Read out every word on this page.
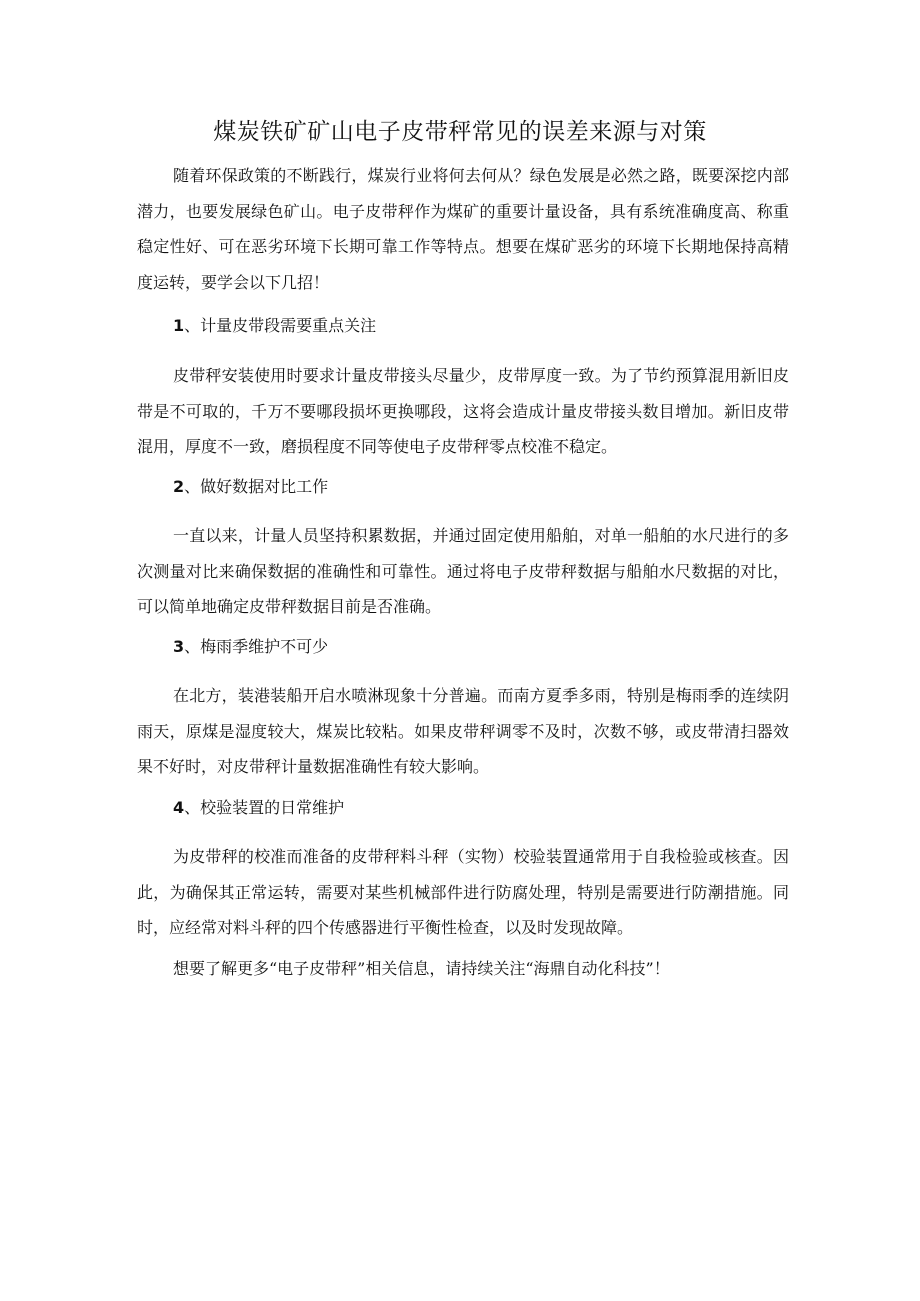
煤炭铁矿矿山电子皮带秤常见的误差来源与对策

随着环保政策的不断践行，煤炭行业将何去何从？绿色发展是必然之路，既要深挖内部潜力，也要发展绿色矿山。电子皮带秤作为煤矿的重要计量设备，具有系统准确度高、称重稳定性好、可在恶劣环境下长期可靠工作等特点。想要在煤矿恶劣的环境下长期地保持高精度运转，要学会以下几招！

1、计量皮带段需要重点关注

皮带秤安装使用时要求计量皮带接头尽量少，皮带厚度一致。为了节约预算混用新旧皮带是不可取的，千万不要哪段损坏更换哪段，这将会造成计量皮带接头数目增加。新旧皮带混用，厚度不一致，磨损程度不同等使电子皮带秤零点校准不稳定。

2、做好数据对比工作

一直以来，计量人员坚持积累数据，并通过固定使用船舶，对单一船舶的水尺进行的多次测量对比来确保数据的准确性和可靠性。通过将电子皮带秤数据与船舶水尺数据的对比，可以简单地确定皮带秤数据目前是否准确。

3、梅雨季维护不可少

在北方，装港装船开启水喷淋现象十分普遍。而南方夏季多雨，特别是梅雨季的连续阴雨天，原煤是湿度较大，煤炭比较粘。如果皮带秤调零不及时，次数不够，或皮带清扫器效果不好时，对皮带秤计量数据准确性有较大影响。

4、校验装置的日常维护

为皮带秤的校准而准备的皮带秤料斗秤（实物）校验装置通常用于自我检验或核查。因此，为确保其正常运转，需要对某些机械部件进行防腐处理，特别是需要进行防潮措施。同时，应经常对料斗秤的四个传感器进行平衡性检查，以及时发现故障。

想要了解更多“电子皮带秤”相关信息，请持续关注“海鼎自动化科技”！
